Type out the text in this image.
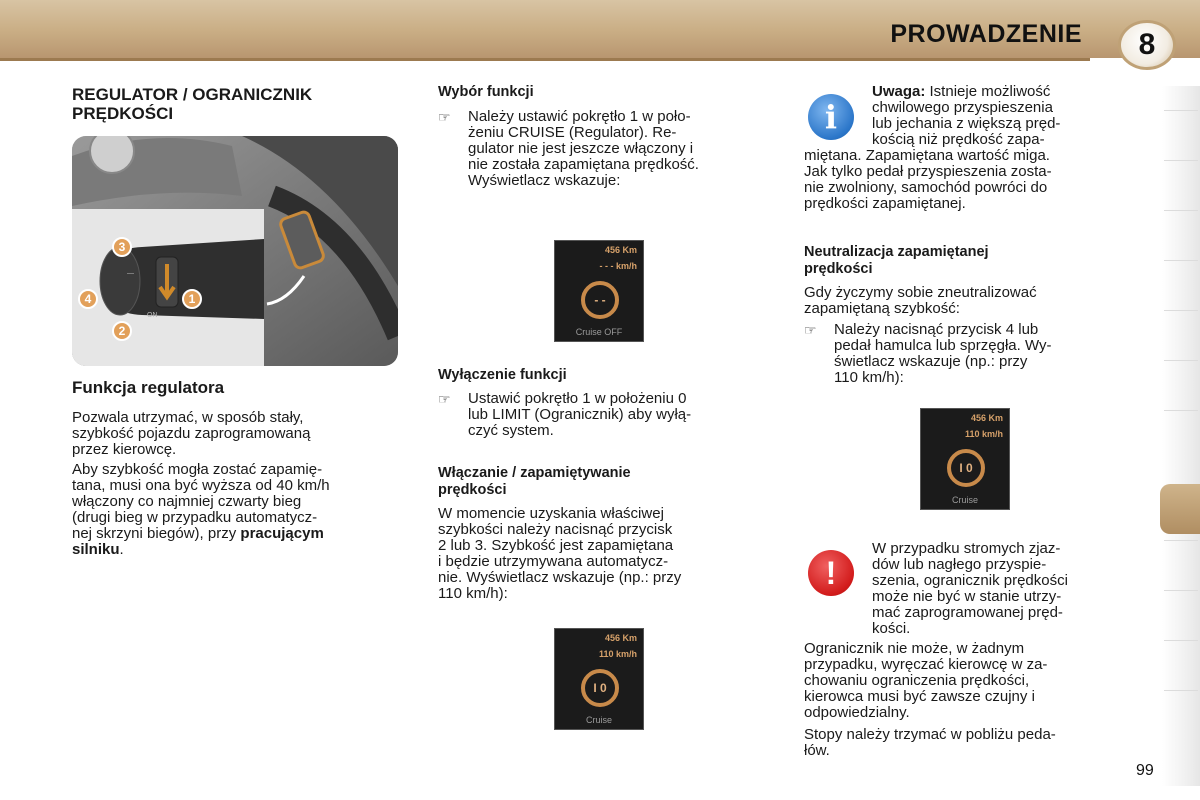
PROWADZENIE	8
REGULATOR / OGRANICZNIK
PRĘDKOŚCI
—
ON
3
4	1
2
Funkcja regulatora

Pozwala utrzymać, w sposób stały,
szybkość pojazdu zaprogramowaną
przez kierowcę.

Aby szybkość mogła zostać zapamię-
tana, musi ona być wyższa od 40 km/h
włączony co najmniej czwarty bieg
(drugi bieg w przypadku automatycz-
nej skrzyni biegów), przy pracującym
silniku.

Wybór funkcji
☞	Należy ustawić pokrętło 1 w poło-
żeniu CRUISE (Regulator). Re-
gulator nie jest jeszcze włączony i
nie została zapamiętana prędkość.
Wyświetlacz wskazuje:
456 Km
- - - km/h
- -
Cruise OFF
Wyłączenie funkcji
☞	Ustawić pokrętło 1 w położeniu 0
lub LIMIT (Ogranicznik) aby wyłą-
czyć system.
Włączanie / zapamiętywanie
prędkości

W momencie uzyskania właściwej
szybkości należy nacisnąć przycisk
2 lub 3. Szybkość jest zapamiętana
i będzie utrzymywana automatycz-
nie. Wyświetlacz wskazuje (np.: przy
110 km/h):

456 Km
110 km/h
I 0
Cruise
i

Uwaga: Istnieje możliwość
chwilowego przyspieszenia
lub jechania z większą pręd-
kością niż prędkość zapa-

miętana. Zapamiętana wartość miga.
Jak tylko pedał przyspieszenia zosta-
nie zwolniony, samochód powróci do
prędkości zapamiętanej.

Neutralizacja zapamiętanej
prędkości

Gdy życzymy sobie zneutralizować
zapamiętaną szybkość:

☞	Należy nacisnąć przycisk 4 lub
pedał hamulca lub sprzęgła. Wy-
świetlacz wskazuje (np.: przy
110 km/h):
456 Km
110 km/h
I 0
Cruise
!

W przypadku stromych zjaz-
dów lub nagłego przyspie-
szenia, ogranicznik prędkości
może nie być w stanie utrzy-
mać zaprogramowanej pręd-
kości.

Ogranicznik nie może, w żadnym
przypadku, wyręczać kierowcę w za-
chowaniu ograniczenia prędkości,
kierowca musi być zawsze czujny i
odpowiedzialny.

Stopy należy trzymać w pobliżu peda-
łów.

99
